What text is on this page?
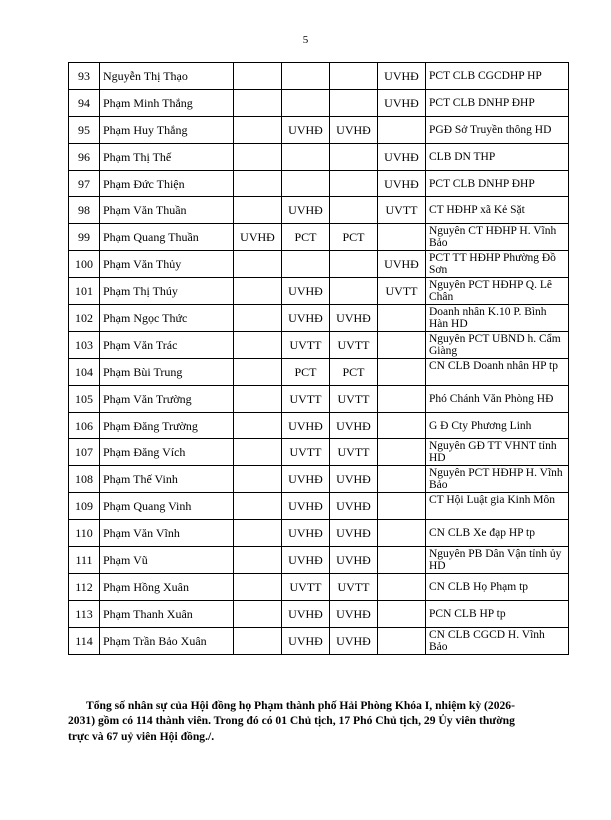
5
93	Nguyễn Thị Thạo				UVHĐ	PCT CLB CGCDHP HP
94	Phạm Minh Thắng				UVHĐ	PCT CLB DNHP ĐHP
95	Phạm Huy Thắng		UVHĐ	UVHĐ		PGĐ Sở Truyền thông HD
96	Phạm Thị Thế				UVHĐ	CLB DN THP
97	Phạm Đức Thiện				UVHĐ	PCT CLB DNHP ĐHP
98	Phạm Văn Thuần		UVHĐ		UVTT	CT HĐHP xã Kẻ Sặt
99	Phạm Quang Thuần	UVHĐ	PCT	PCT		Nguyên CT HĐHP H. Vĩnh Bảo
100	Phạm Văn Thủy				UVHĐ	PCT TT HĐHP Phường Đồ Sơn
101	Phạm Thị Thúy		UVHĐ		UVTT	Nguyên PCT HĐHP Q. Lê Chân
102	Phạm Ngọc Thức		UVHĐ	UVHĐ		Doanh nhân K.10 P. Bình Hàn HD
103	Phạm Văn Trác		UVTT	UVTT		Nguyên PCT UBND h. Cẩm Giàng
104	Phạm Bùi Trung		PCT	PCT		CN CLB Doanh nhân HP tp
105	Phạm Văn Trường		UVTT	UVTT		Phó Chánh Văn Phòng HĐ
106	Phạm Đăng Trường		UVHĐ	UVHĐ		G Đ Cty Phương Linh
107	Phạm Đăng Vích		UVTT	UVTT		Nguyên GĐ TT VHNT tỉnh HD
108	Phạm Thế Vinh		UVHĐ	UVHĐ		Nguyên PCT HĐHP H. Vĩnh Bảo
109	Phạm Quang Vinh		UVHĐ	UVHĐ		CT Hội Luật gia Kinh Môn
110	Phạm Văn Vĩnh		UVHĐ	UVHĐ		CN CLB Xe đạp HP tp
111	Phạm Vũ		UVHĐ	UVHĐ		Nguyên PB Dân Vận tỉnh ủy HD
112	Phạm Hồng Xuân		UVTT	UVTT		CN CLB Họ Phạm tp
113	Phạm Thanh Xuân		UVHĐ	UVHĐ		PCN CLB HP tp
114	Phạm Trần Bảo Xuân		UVHĐ	UVHĐ		CN CLB CGCD H. Vĩnh Bảo

Tổng số nhân sự của Hội đồng họ Phạm thành phố Hải Phòng Khóa I, nhiệm kỳ (2026-2031) gồm có 114 thành viên. Trong đó có 01 Chủ tịch, 17 Phó Chủ tịch, 29 Ủy viên thường trực và 67 uỷ viên Hội đồng./.
